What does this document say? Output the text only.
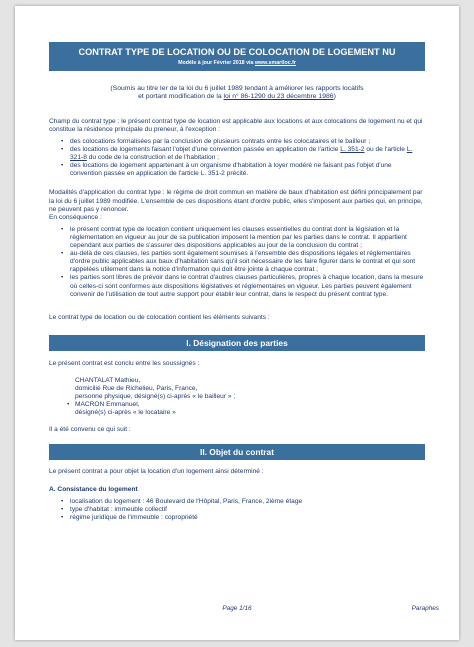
CONTRAT TYPE DE LOCATION OU DE COLOCATION DE LOGEMENT NU
Modèle à jour Février 2018 via www.smartloc.fr
(Soumis au titre Ier de la loi du 6 juillet 1989 tendant à améliorer les rapports locatifs
et portant modification de la loi n° 86-1290 du 23 décembre 1986)

Champ du contrat type : le présent contrat type de location est applicable aux locations et aux colocations de logement nu et qui constitue la résidence principale du preneur, à l'exception :

• des colocations formalisées par la conclusion de plusieurs contrats entre les colocataires et le bailleur ;
• des locations de logements faisant l'objet d'une convention passée en application de l'article L. 351-2 ou de l'article L. 321-8 du code de la construction et de l'habitation ;
• des locations de logement appartenant à un organisme d'habitation à loyer modéré ne faisant pas l'objet d'une convention passée en application de l'article L. 351-2 précité.

Modalités d'application du contrat type : le régime de droit commun en matière de baux d'habitation est défini principalement par la loi du 6 juillet 1989 modifiée. L'ensemble de ces dispositions étant d'ordre public, elles s'imposent aux parties qui, en principe, ne peuvent pas y renoncer.

En conséquence :

• le présent contrat type de location contient uniquement les clauses essentielles du contrat dont la législation et la réglementation en vigueur au jour de sa publication imposent la mention par les parties dans le contrat. Il appartient cependant aux parties de s'assurer des dispositions applicables au jour de la conclusion du contrat ;
• au-delà de ces clauses, les parties sont également soumises à l'ensemble des dispositions légales et réglementaires d'ordre public applicables aux baux d'habitation sans qu'il soit nécessaire de les faire figurer dans le contrat et qui sont rappelées utilement dans la notice d'information qui doit être jointe à chaque contrat ;
• les parties sont libres de prévoir dans le contrat d'autres clauses particulières, propres à chaque location, dans la mesure où celles-ci sont conformes aux dispositions législatives et réglementaires en vigueur. Les parties peuvent également convenir de l'utilisation de tout autre support pour établir leur contrat, dans le respect du présent contrat type.

Le contrat type de location ou de colocation contient les éléments suivants :

I. Désignation des parties

Le présent contrat est conclu entre les soussignés :

CHANTALAT Mathieu,
domicilié Rue de Richelieu, Paris, France,
personne physique, désigné(s) ci-après « le bailleur » ;
• MACRON Emmanuel,
désigné(s) ci-après « le locataire »

Il a été convenu ce qui suit :

II. Objet du contrat

Le présent contrat a pour objet la location d'un logement ainsi déterminé :

A. Consistance du logement

• localisation du logement : 46 Boulevard de l'Hôpital, Paris, France, 2ième étage
• type d'habitat : immeuble collectif
• régime juridique de l'immeuble : copropriété
Page 1/16	Paraphes
